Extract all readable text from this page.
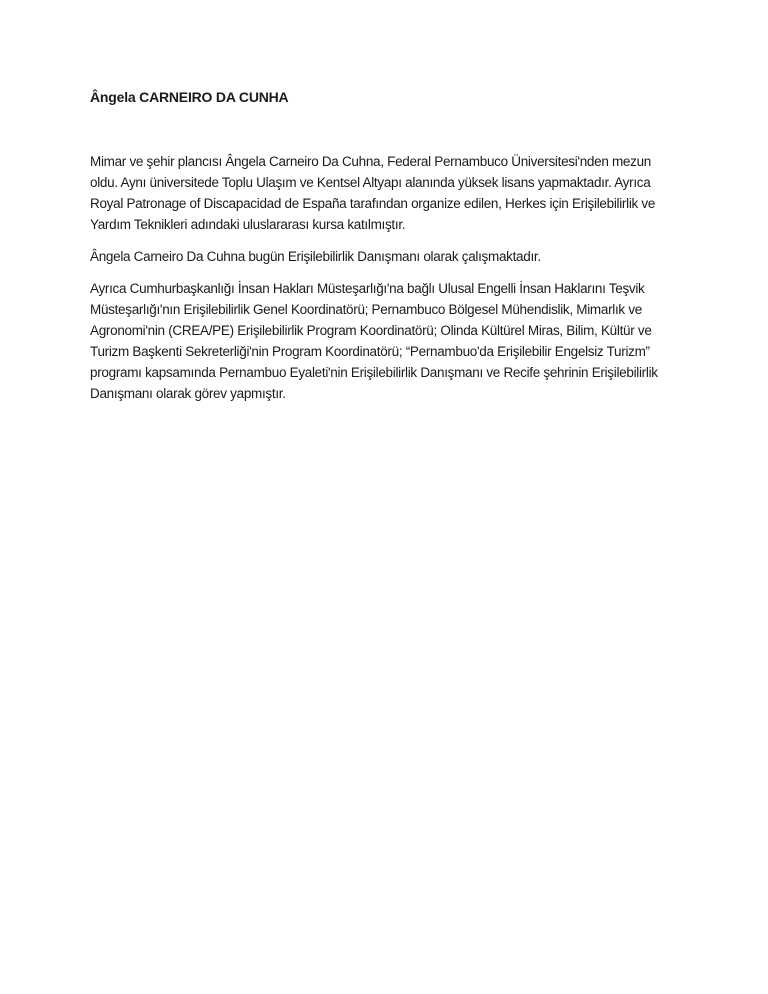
Ângela CARNEIRO DA CUNHA

Mimar ve şehir plancısı Ângela Carneiro Da Cuhna, Federal Pernambuco Üniversitesi'nden mezun oldu. Aynı üniversitede Toplu Ulaşım ve Kentsel Altyapı alanında yüksek lisans yapmaktadır. Ayrıca Royal Patronage of Discapacidad de España tarafından organize edilen, Herkes için Erişilebilirlik ve Yardım Teknikleri adındaki uluslararası kursa katılmıştır.

Ângela Carneiro Da Cuhna bugün Erişilebilirlik Danışmanı olarak çalışmaktadır.

Ayrıca Cumhurbaşkanlığı İnsan Hakları Müsteşarlığı'na bağlı Ulusal Engelli İnsan Haklarını Teşvik Müsteşarlığı'nın Erişilebilirlik Genel Koordinatörü; Pernambuco Bölgesel Mühendislik, Mimarlık ve Agronomi'nin (CREA/PE) Erişilebilirlik Program Koordinatörü; Olinda Kültürel Miras, Bilim, Kültür ve Turizm Başkenti Sekreterliği'nin Program Koordinatörü; “Pernambuo'da Erişilebilir Engelsiz Turizm” programı kapsamında Pernambuo Eyaleti'nin Erişilebilirlik Danışmanı ve Recife şehrinin Erişilebilirlik Danışmanı olarak görev yapmıştır.
